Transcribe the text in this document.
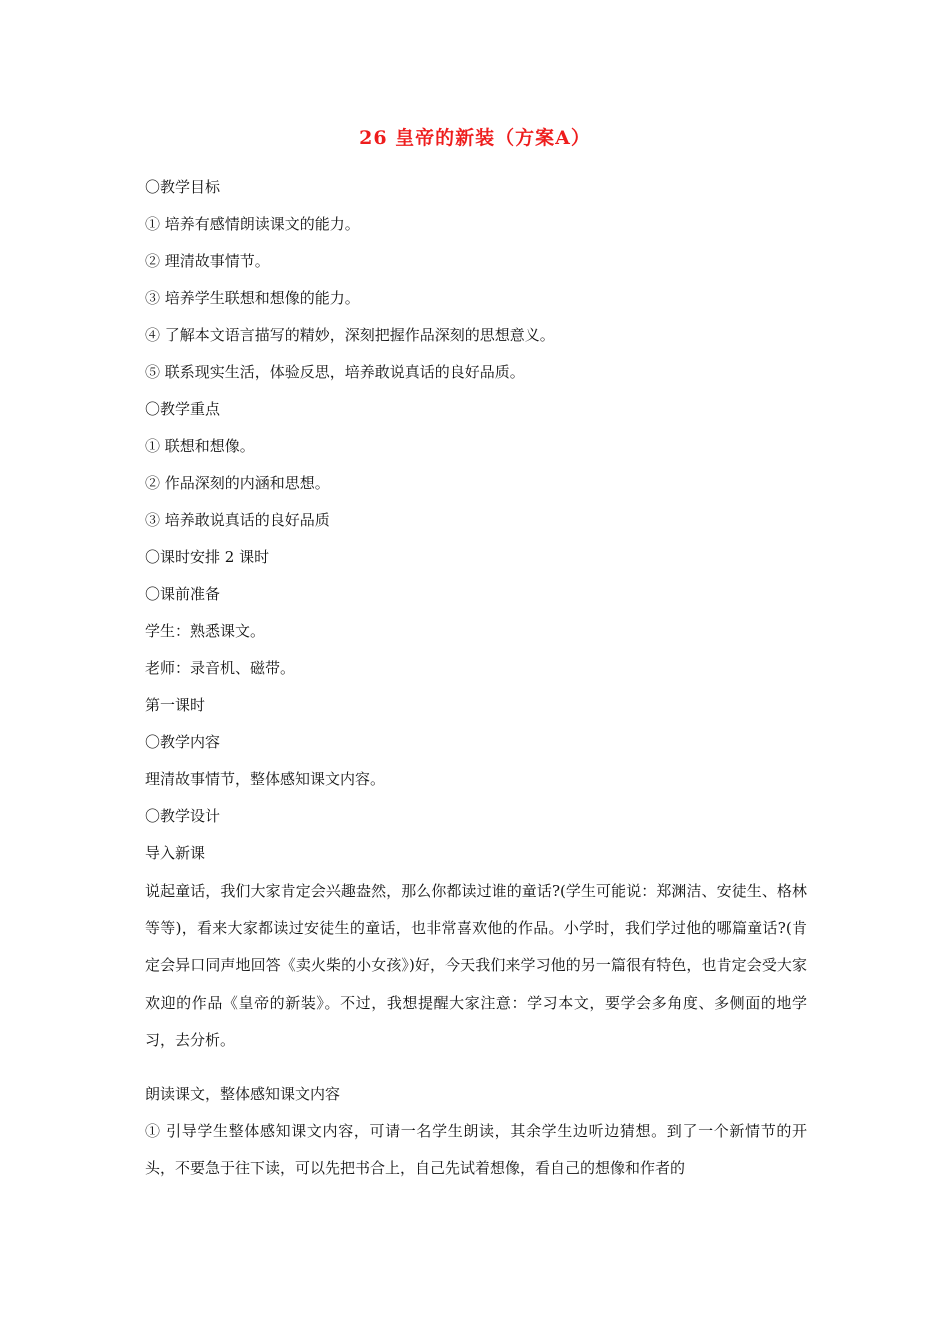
26 皇帝的新装（方案A）
〇教学目标
① 培养有感情朗读课文的能力。
② 理清故事情节。
③ 培养学生联想和想像的能力。
④ 了解本文语言描写的精妙，深刻把握作品深刻的思想意义。
⑤ 联系现实生活，体验反思，培养敢说真话的良好品质。
〇教学重点
① 联想和想像。
② 作品深刻的内涵和思想。
③ 培养敢说真话的良好品质
〇课时安排 2 课时
〇课前准备
学生：熟悉课文。
老师：录音机、磁带。
第一课时
〇教学内容
理清故事情节，整体感知课文内容。
〇教学设计
导入新课
说起童话，我们大家肯定会兴趣盎然，那么你都读过谁的童话?(学生可能说：郑渊洁、安徒生、格林等等)，看来大家都读过安徒生的童话，也非常喜欢他的作品。小学时，我们学过他的哪篇童话?(肯定会异口同声地回答《卖火柴的小女孩》)好，今天我们来学习他的另一篇很有特色，也肯定会受大家欢迎的作品《皇帝的新装》。不过，我想提醒大家注意：学习本文，要学会多角度、多侧面的地学习，去分析。
朗读课文，整体感知课文内容
① 引导学生整体感知课文内容，可请一名学生朗读，其余学生边听边猜想。到了一个新情节的开头，不要急于往下读，可以先把书合上，自己先试着想像，看自己的想像和作者的
